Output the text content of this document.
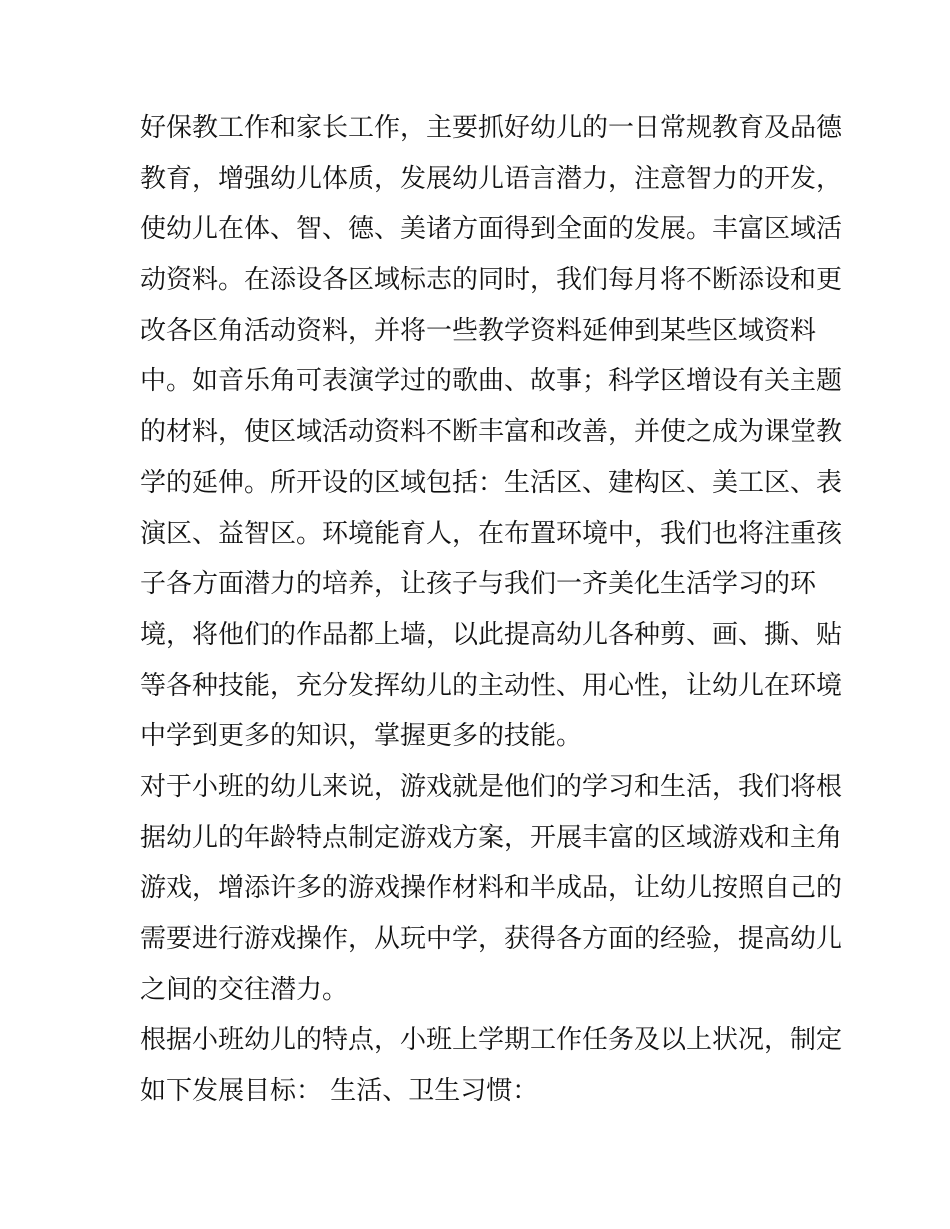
好保教工作和家长工作，主要抓好幼儿的一日常规教育及品德
教育，增强幼儿体质，发展幼儿语言潜力，注意智力的开发，
使幼儿在体、智、德、美诸方面得到全面的发展。丰富区域活
动资料。在添设各区域标志的同时，我们每月将不断添设和更
改各区角活动资料，并将一些教学资料延伸到某些区域资料
中。如音乐角可表演学过的歌曲、故事；科学区增设有关主题
的材料，使区域活动资料不断丰富和改善，并使之成为课堂教
学的延伸。所开设的区域包括：生活区、建构区、美工区、表
演区、益智区。环境能育人，在布置环境中，我们也将注重孩
子各方面潜力的培养，让孩子与我们一齐美化生活学习的环
境，将他们的作品都上墙，以此提高幼儿各种剪、画、撕、贴
等各种技能，充分发挥幼儿的主动性、用心性，让幼儿在环境
中学到更多的知识，掌握更多的技能。
对于小班的幼儿来说，游戏就是他们的学习和生活，我们将根
据幼儿的年龄特点制定游戏方案，开展丰富的区域游戏和主角
游戏，增添许多的游戏操作材料和半成品，让幼儿按照自己的
需要进行游戏操作，从玩中学，获得各方面的经验，提高幼儿
之间的交往潜力。
根据小班幼儿的特点，小班上学期工作任务及以上状况，制定
如下发展目标： 生活、卫生习惯：
